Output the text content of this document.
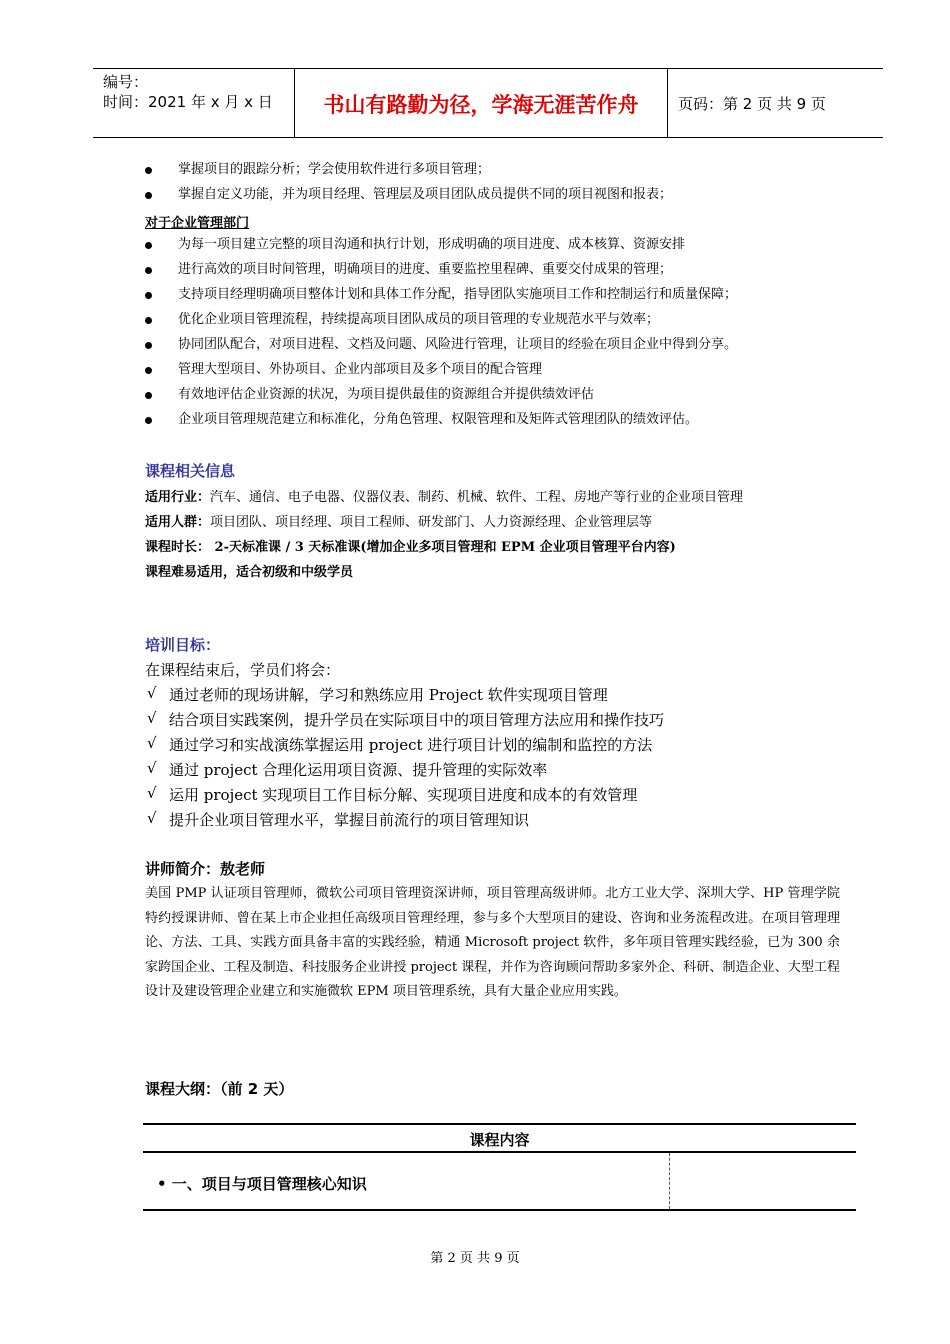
编号：
时间：2021 年 x 月 x 日	书山有路勤为径，学海无涯苦作舟	页码：第 2 页 共 9 页
掌握项目的跟踪分析；学会使用软件进行多项目管理；
掌握自定义功能，并为项目经理、管理层及项目团队成员提供不同的项目视图和报表；
对于企业管理部门
为每一项目建立完整的项目沟通和执行计划，形成明确的项目进度、成本核算、资源安排
进行高效的项目时间管理，明确项目的进度、重要监控里程碑、重要交付成果的管理；
支持项目经理明确项目整体计划和具体工作分配，指导团队实施项目工作和控制运行和质量保障；
优化企业项目管理流程，持续提高项目团队成员的项目管理的专业规范水平与效率；
协同团队配合，对项目进程、文档及问题、风险进行管理，让项目的经验在项目企业中得到分享。
管理大型项目、外协项目、企业内部项目及多个项目的配合管理
有效地评估企业资源的状况，为项目提供最佳的资源组合并提供绩效评估
企业项目管理规范建立和标准化，分角色管理、权限管理和及矩阵式管理团队的绩效评估。
课程相关信息
适用行业：汽车、通信、电子电器、仪器仪表、制药、机械、软件、工程、房地产等行业的企业项目管理
适用人群：项目团队、项目经理、项目工程师、研发部门、人力资源经理、企业管理层等
课程时长： 2-天标准课 / 3 天标准课(增加企业多项目管理和 EPM 企业项目管理平台内容)
课程难易适用，适合初级和中级学员
培训目标：
在课程结束后，学员们将会：
√ 通过老师的现场讲解，学习和熟练应用 Project 软件实现项目管理
√ 结合项目实践案例，提升学员在实际项目中的项目管理方法应用和操作技巧
√ 通过学习和实战演练掌握运用 project 进行项目计划的编制和监控的方法
√ 通过 project 合理化运用项目资源、提升管理的实际效率
√ 运用 project 实现项目工作目标分解、实现项目进度和成本的有效管理
√ 提升企业项目管理水平，掌握目前流行的项目管理知识
讲师简介：敖老师
美国 PMP 认证项目管理师，微软公司项目管理资深讲师，项目管理高级讲师。北方工业大学、深圳大学、HP 管理学院特约授课讲师、曾在某上市企业担任高级项目管理经理，参与多个大型项目的建设、咨询和业务流程改进。在项目管理理论、方法、工具、实践方面具备丰富的实践经验，精通 Microsoft project 软件，多年项目管理实践经验，已为 300 余家跨国企业、工程及制造、科技服务企业讲授 project 课程，并作为咨询顾问帮助多家外企、科研、制造企业、大型工程设计及建设管理企业建立和实施微软 EPM 项目管理系统，具有大量企业应用实践。
课程大纲：（前 2 天）
课程内容
• 一、项目与项目管理核心知识
第 2 页 共 9 页
